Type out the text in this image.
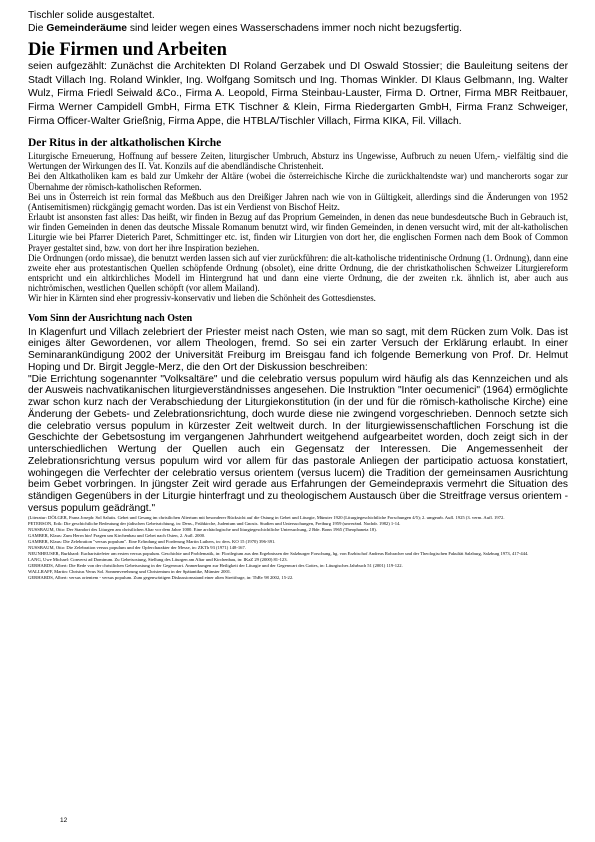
Tischler solide ausgestaltet.

Die Gemeinderäume sind leider wegen eines Wasserschadens immer noch nicht bezugsfertig.

Die Firmen und Arbeiten

seien aufgezählt: Zunächst die Architekten DI Roland Gerzabek und DI Oswald Stossier; die Bauleitung seitens der Stadt Villach Ing. Roland Winkler, Ing. Wolfgang Somitsch und Ing. Thomas Winkler. DI Klaus Gelbmann, Ing. Walter Wulz, Firma Friedl Seiwald &Co., Firma A. Leopold, Firma Steinbau-Lauster, Firma D. Ortner, Firma MBR Reitbauer, Firma Werner Campidell GmbH, Firma ETK Tischner & Klein, Firma Riedergarten GmbH, Firma Franz Schweiger, Firma Officer-Walter Grießnig, Firma Appe, die HTBLA/Tischler Villach, Firma KIKA, Fil. Villach.

Der Ritus in der altkatholischen Kirche

Liturgische Erneuerung, Hoffnung auf bessere Zeiten, liturgischer Umbruch, Absturz ins Ungewisse, Aufbruch zu neuen Ufern,- vielfältig sind die Wertungen der Wirkungen des II. Vat. Konzils auf die abendländische Christenheit.

Bei den Altkatholiken kam es bald zur Umkehr der Altäre (wobei die österreichische Kirche die zurückhaltendste war) und mancherorts sogar zur Übernahme der römisch-katholischen Reformen.

Bei uns in Österreich ist rein formal das Meßbuch aus den Dreißiger Jahren nach wie von in Gültigkeit, allerdings sind die Änderungen von 1952 (Antisemitismen) rückgängig gemacht worden. Das ist ein Verdienst von Bischof Heitz.

Erlaubt ist ansonsten fast alles: Das heißt, wir finden in Bezug auf das Proprium Gemeinden, in denen das neue bundesdeutsche Buch in Gebrauch ist, wir finden Gemeinden in denen das deutsche Missale Romanum benutzt wird, wir finden Gemeinden, in denen versucht wird, mit der alt-katholischen Liturgie wie bei Pfarrer Dieterich Paret, Schmittinger etc. ist, finden wir Liturgien von dort her, die englischen Formen nach dem Book of Common Prayer gestaltet sind, bzw. von dort her ihre Inspiration beziehen.

Die Ordnungen (ordo missae), die benutzt werden lassen sich auf vier zurückführen: die alt-katholische tridentinische Ordnung (1. Ordnung), dann eine zweite eher aus protestantischen Quellen schöpfende Ordnung (obsolet), eine dritte Ordnung, die der christkatholischen Schweizer Liturgiereform entspricht und ein altkirchliches Modell im Hintergrund hat und dann eine vierte Ordnung, die der zweiten r.k. ähnlich ist, aber auch aus nichtrömischen, westlichen Quellen schöpft (vor allem Mailand).

Wir hier in Kärnten sind eher progressiv-konservativ und lieben die Schönheit des Gottesdienstes.

Vom Sinn der Ausrichtung nach Osten

In Klagenfurt und Villach zelebriert der Priester meist nach Osten, wie man so sagt, mit dem Rücken zum Volk. Das ist einiges älter Gewordenen, vor allem Theologen, fremd. So sei ein zarter Versuch der Erklärung erlaubt. In einer Seminarankündigung 2002 der Universität Freiburg im Breisgau fand ich folgende Bemerkung von Prof. Dr. Helmut Hoping und Dr. Birgit Jeggle-Merz, die den Ort der Diskussion beschreiben:

"Die Errichtung sogenannter "Volksaltäre" und die celebratio versus populum wird häufig als das Kennzeichen und als der Ausweis nachvatikanischen liturgieverständnisses angesehen. Die Instruktion "Inter oecumenici" (1964) ermöglichte zwar schon kurz nach der Verabschiedung der Liturgiekonstitution (in der und für die römisch-katholische Kirche) eine Änderung der Gebets- und Zelebrationsrichtung, doch wurde diese nie zwingend vorgeschrieben. Dennoch setzte sich die celebratio versus populum in kürzester Zeit weltweit durch. In der liturgiewissenschaftlichen Forschung ist die Geschichte der Gebetsostung im vergangenen Jahrhundert weitgehend aufgearbeitet worden, doch zeigt sich in der unterschiedlichen Wertung der Quellen auch ein Gegensatz der Interessen. Die Angemessenheit der Zelebrationsrichtung versus populum wird vor allem für das pastorale Anliegen der participatio actuosa konstatiert, wohingegen die Verfechter der celebratio versus orientem (versus lucem) die Tradition der gemeinsamen Ausrichtung beim Gebet vorbringen. In jüngster Zeit wird gerade aus Erfahrungen der Gemeindepraxis vermehrt die Situation des ständigen Gegenübers in der Liturgie hinterfragt und zu theologischem Austausch über die Streitfrage versus orientem - versus populum geädrängt."

(Literatur: DÖLGER, Franz Joseph: Sol Salutis. Gebet und Gesang im christlichen Altertum mit besonderer Rücksicht auf die Ostung in Gebet und Liturgie, Münster 1920 (Liturgiegeschichtliche Forschungen 4/5); 2. umgearb. Aufl. 1925 (3. verm. Aufl. 1972.

PETERSON, Erik: Die geschichtliche Bedeutung der jüdischen Gebetsrichtung, in: Dens., Frühkirche, Judentum und Gnosis. Studien und Untersuchungen, Freiburg 1959 (unveränd. Nachdr. 1982) 1-14.

NUSSBAUM, Otto: Der Standort des Liturgen am christlichen Altar vor dem Jahre 1000. Eine archäologische und liturgiegeschichtliche Untersuchung, 2 Bde. Bonn 1965 (Theophaneia 18).

GAMBER, Klaus: Zum Herrn hin! Fragen um Kirchenbau und Gebet nach Osten, 2. Aufl. 2000.

GAMBER, Klaus: Die Zelebration "versus populum". Eine Erfindung und Forderung Martin Luthers, in: ders. KO 15 (1970) 396-391.

NUSSBAUM, Otto: Die Zelebration versus populum und der Opfercharakter der Messe, in: ZKTh 93 (1971) 148-167.

NEUNHEUSER, Burkhard: Eucharistiefeier am ersten versus populum. Geschichte und Problematik, in: Florilegium aus den Ergebnissen der Salzburger Forschung, hg. von Erzbischof Andreas Rohracher und der Theologischen Fakultät Salzburg, Salzburg 1973, 417-444.

LANG, Uwe Michael: Conversi ad Dominum. Zu Gebetsostung, Stellung des Liturgen am Altar und Kirchenbau, in: IKaZ 29 (2000) 81-123.

GERHARDS, Albert: Die Rede von der christlichen Gebetsostung in der Gegenwart. Anmerkungen zur Heiligkeit der Liturgie und der Gegenwart des Gottes, in: Liturgisches Jahrbuch 51 (2001) 119-122.

WALLRAFF, Martin: Christus Verus Sol. Sonnenverehrung und Christentum in der Spätantike, Münster 2001.

GERHARDS, Albert: versus orientem - versus populum. Zum gegenwärtigen Diskussionsstand einer alten Streitfrage, in: ThRv 98 2002, 15-22.

12
